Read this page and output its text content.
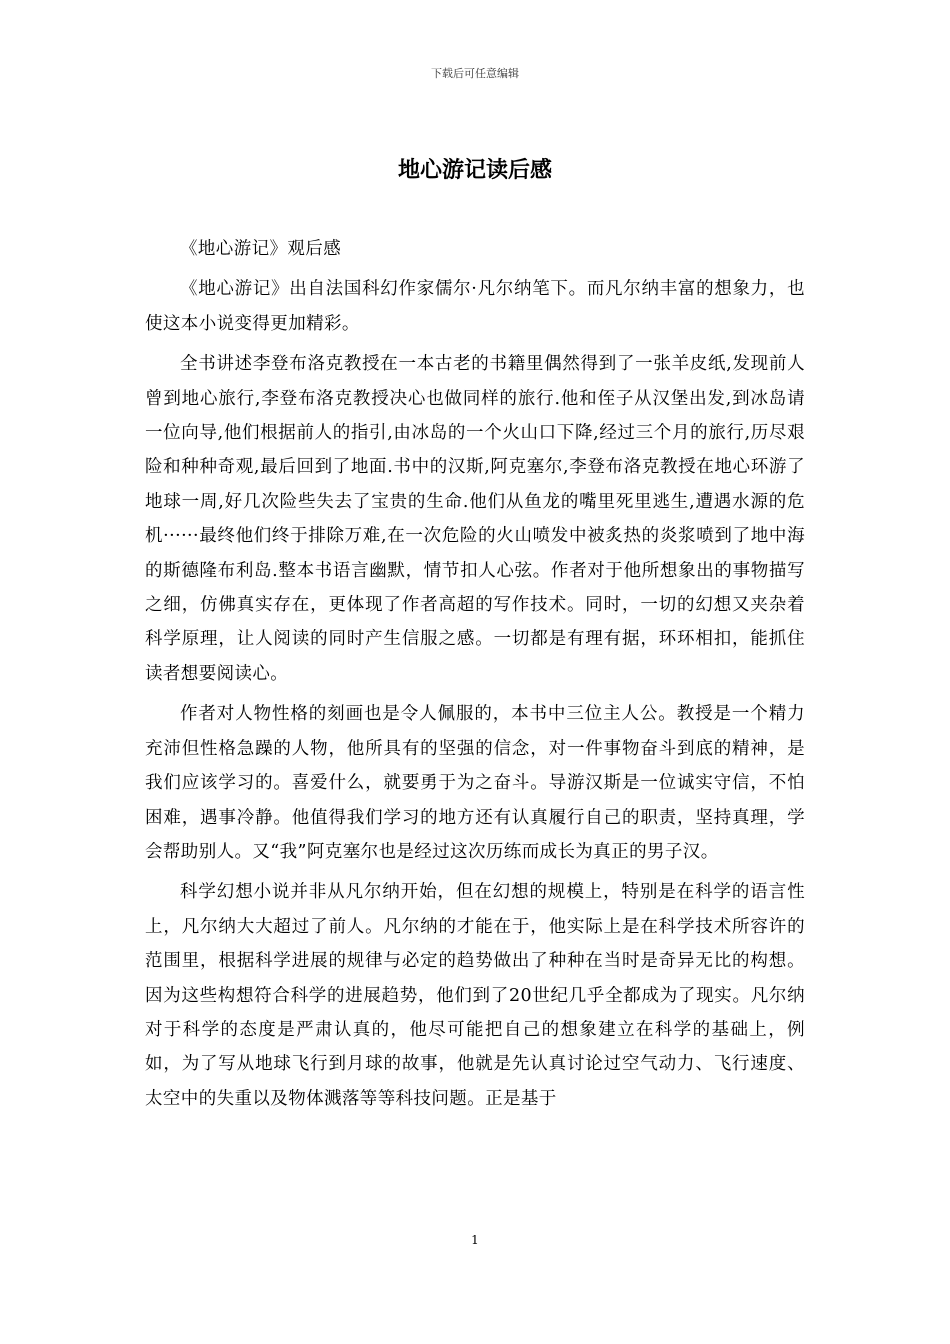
下载后可任意编辑
地心游记读后感

《地心游记》观后感

《地心游记》出自法国科幻作家儒尔·凡尔纳笔下。而凡尔纳丰富的想象力，也使这本小说变得更加精彩。

全书讲述李登布洛克教授在一本古老的书籍里偶然得到了一张羊皮纸,发现前人曾到地心旅行,李登布洛克教授决心也做同样的旅行.他和侄子从汉堡出发,到冰岛请一位向导,他们根据前人的指引,由冰岛的一个火山口下降,经过三个月的旅行,历尽艰险和种种奇观,最后回到了地面.书中的汉斯,阿克塞尔,李登布洛克教授在地心环游了地球一周,好几次险些失去了宝贵的生命.他们从鱼龙的嘴里死里逃生,遭遇水源的危机······最终他们终于排除万难,在一次危险的火山喷发中被炙热的炎浆喷到了地中海的斯德隆布利岛.整本书语言幽默，情节扣人心弦。作者对于他所想象出的事物描写之细，仿佛真实存在，更体现了作者高超的写作技术。同时，一切的幻想又夹杂着科学原理，让人阅读的同时产生信服之感。一切都是有理有据，环环相扣，能抓住读者想要阅读心。

作者对人物性格的刻画也是令人佩服的，本书中三位主人公。教授是一个精力充沛但性格急躁的人物，他所具有的坚强的信念，对一件事物奋斗到底的精神，是我们应该学习的。喜爱什么，就要勇于为之奋斗。导游汉斯是一位诚实守信，不怕困难，遇事冷静。他值得我们学习的地方还有认真履行自己的职责，坚持真理，学会帮助别人。又“我”阿克塞尔也是经过这次历练而成长为真正的男子汉。

科学幻想小说并非从凡尔纳开始，但在幻想的规模上，特别是在科学的语言性上，凡尔纳大大超过了前人。凡尔纳的才能在于，他实际上是在科学技术所容许的范围里，根据科学进展的规律与必定的趋势做出了种种在当时是奇异无比的构想。因为这些构想符合科学的进展趋势，他们到了20世纪几乎全都成为了现实。凡尔纳对于科学的态度是严肃认真的，他尽可能把自己的想象建立在科学的基础上，例如，为了写从地球飞行到月球的故事，他就是先认真讨论过空气动力、飞行速度、太空中的失重以及物体溅落等等科技问题。正是基于

1
